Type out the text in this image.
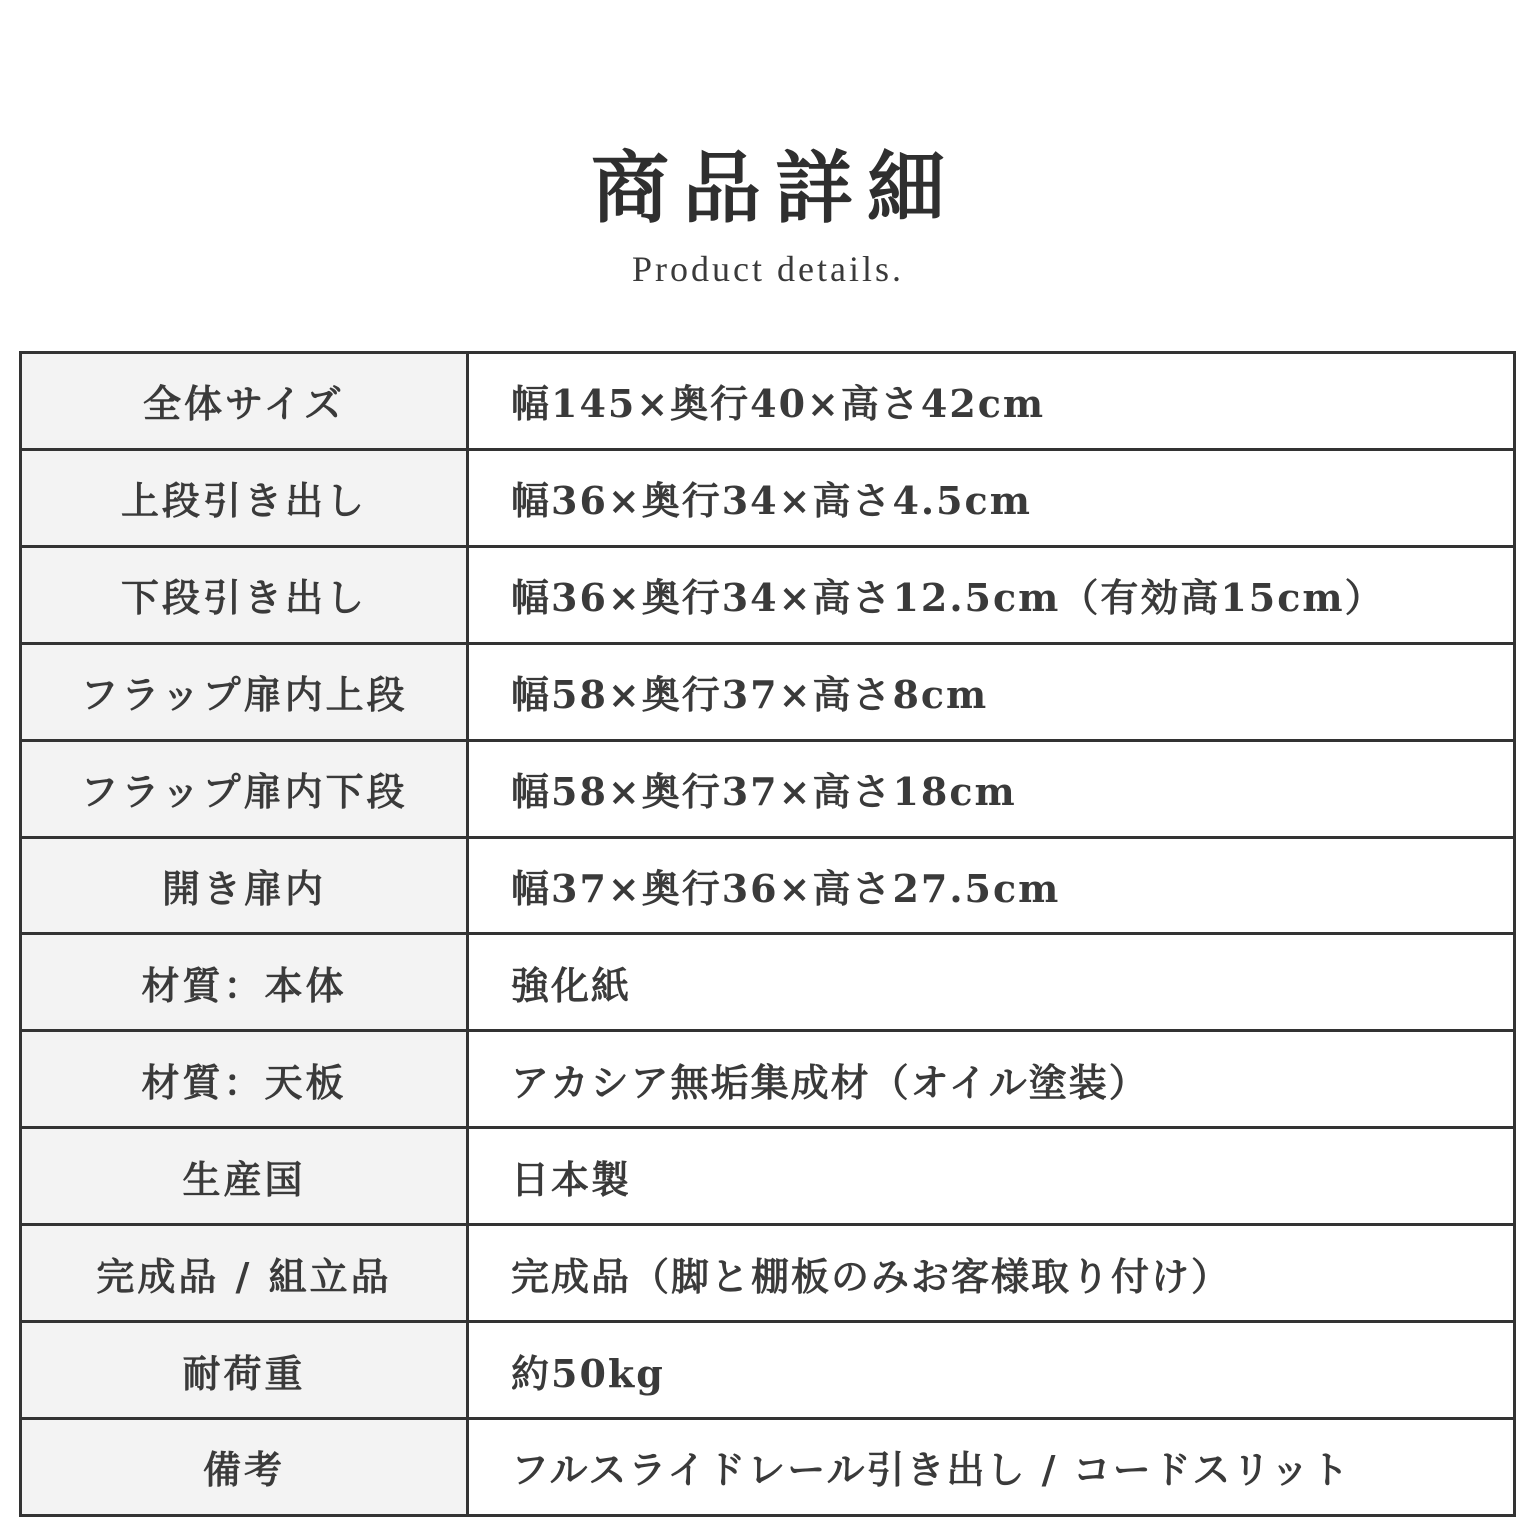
商品詳細
Product details.
全体サイズ	幅145×奥行40×高さ42cm
上段引き出し	幅36×奥行34×高さ4.5cm
下段引き出し	幅36×奥行34×高さ12.5cm（有効高15cm）
フラップ扉内上段	幅58×奥行37×高さ8cm
フラップ扉内下段	幅58×奥行37×高さ18cm
開き扉内	幅37×奥行36×高さ27.5cm
材質：本体	強化紙
材質：天板	アカシア無垢集成材（オイル塗装）
生産国	日本製
完成品 / 組立品	完成品（脚と棚板のみお客様取り付け）
耐荷重	約50kg
備考	フルスライドレール引き出し / コードスリット
